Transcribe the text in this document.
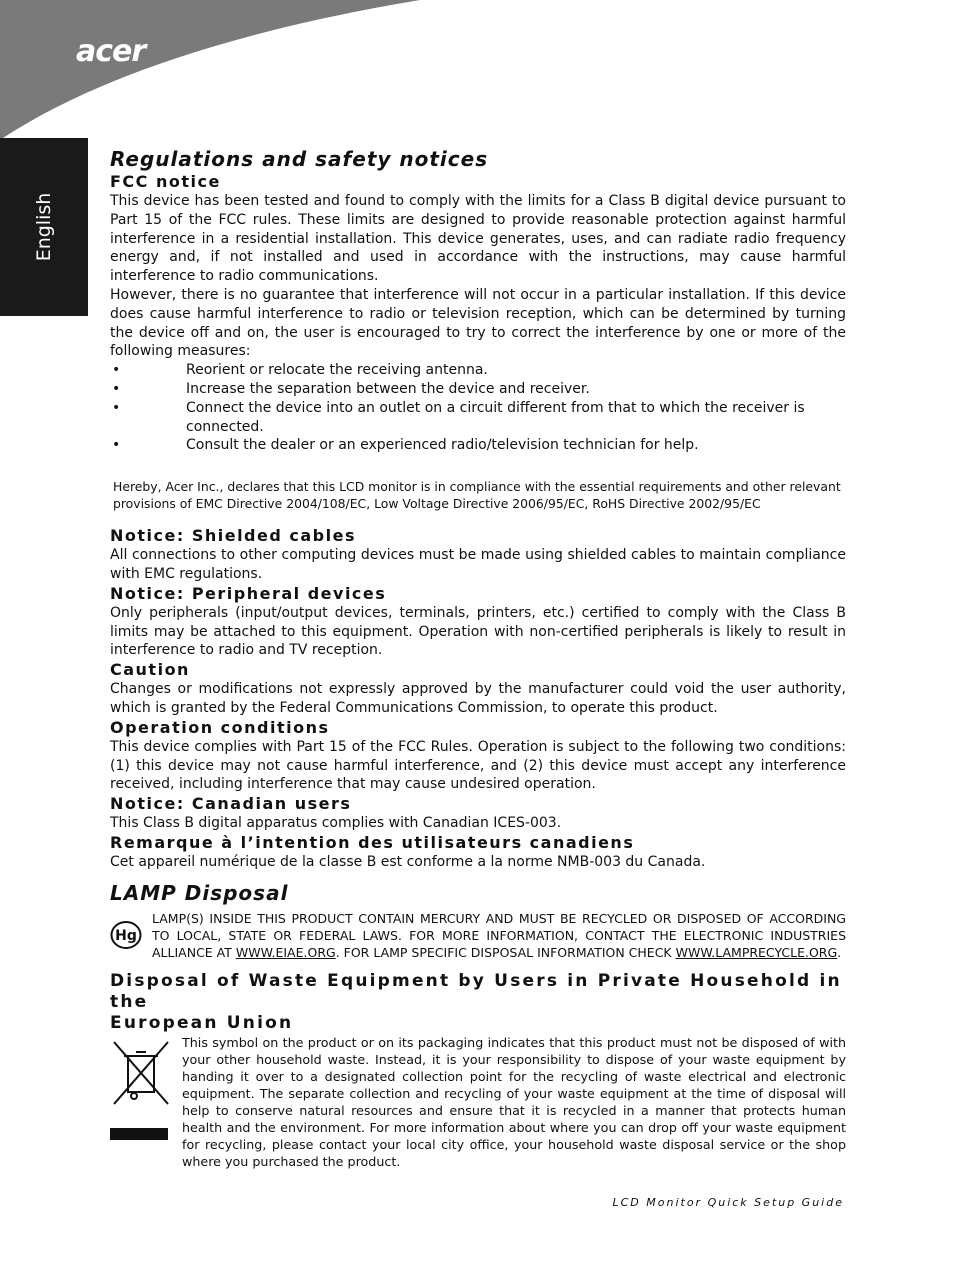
acer
English
Regulations and safety notices
FCC notice

This device has been tested and found to comply with the limits for a Class B digital device pursuant to Part 15 of the FCC rules. These limits are designed to provide reasonable protection against harmful interference in a residential installation. This device generates, uses, and can radiate radio frequency energy and, if not installed and used in accordance with the instructions, may cause harmful interference to radio communications.

However, there is no guarantee that interference will not occur in a particular installation. If this device does cause harmful interference to radio or television reception, which can be determined by turning the device off and on, the user is encouraged to try to correct the interference by one or more of the following measures:

•	Reorient or relocate the receiving antenna.
•	Increase the separation between the device and receiver.
•	Connect the device into an outlet on a circuit different from that to which the receiver is connected.
•	Consult the dealer or an experienced radio/television technician for help.

Hereby, Acer Inc., declares that this LCD monitor is in compliance with the essential requirements and other relevant provisions of EMC Directive 2004/108/EC, Low Voltage Directive 2006/95/EC, RoHS Directive 2002/95/EC

Notice: Shielded cables

All connections to other computing devices must be made using shielded cables to maintain compliance with EMC regulations.

Notice: Peripheral devices

Only peripherals (input/output devices, terminals, printers, etc.) certified to comply with the Class B limits may be attached to this equipment. Operation with non-certified peripherals is likely to result in interference to radio and TV reception.

Caution

Changes or modifications not expressly approved by the manufacturer could void the user authority, which is granted by the Federal Communications Commission, to operate this product.

Operation conditions

This device complies with Part 15 of the FCC Rules. Operation is subject to the following two conditions: (1) this device may not cause harmful interference, and (2) this device must accept any interference received, including interference that may cause undesired operation.

Notice: Canadian users

This Class B digital apparatus complies with Canadian ICES-003.

Remarque à l’intention des utilisateurs canadiens

Cet appareil numérique de la classe B est conforme a la norme NMB-003 du Canada.

LAMP Disposal
Hg

LAMP(S) INSIDE THIS PRODUCT CONTAIN MERCURY AND MUST BE RECYCLED OR DISPOSED OF ACCORDING TO LOCAL, STATE OR FEDERAL LAWS. FOR MORE INFORMATION, CONTACT THE ELECTRONIC INDUSTRIES ALLIANCE AT WWW.EIAE.ORG. FOR LAMP SPECIFIC DISPOSAL INFORMATION CHECK WWW.LAMPRECYCLE.ORG.

Disposal of Waste Equipment by Users in Private Household in the
European Union

This symbol on the product or on its packaging indicates that this product must not be disposed of with your other household waste. Instead, it is your responsibility to dispose of your waste equipment by handing it over to a designated collection point for the recycling of waste electrical and electronic equipment. The separate collection and recycling of your waste equipment at the time of disposal will help to conserve natural resources and ensure that it is recycled in a manner that protects human health and the environment. For more information about where you can drop off your waste equipment for recycling, please contact your local city office, your household waste disposal service or the shop where you purchased the product.

LCD Monitor Quick Setup Guide
